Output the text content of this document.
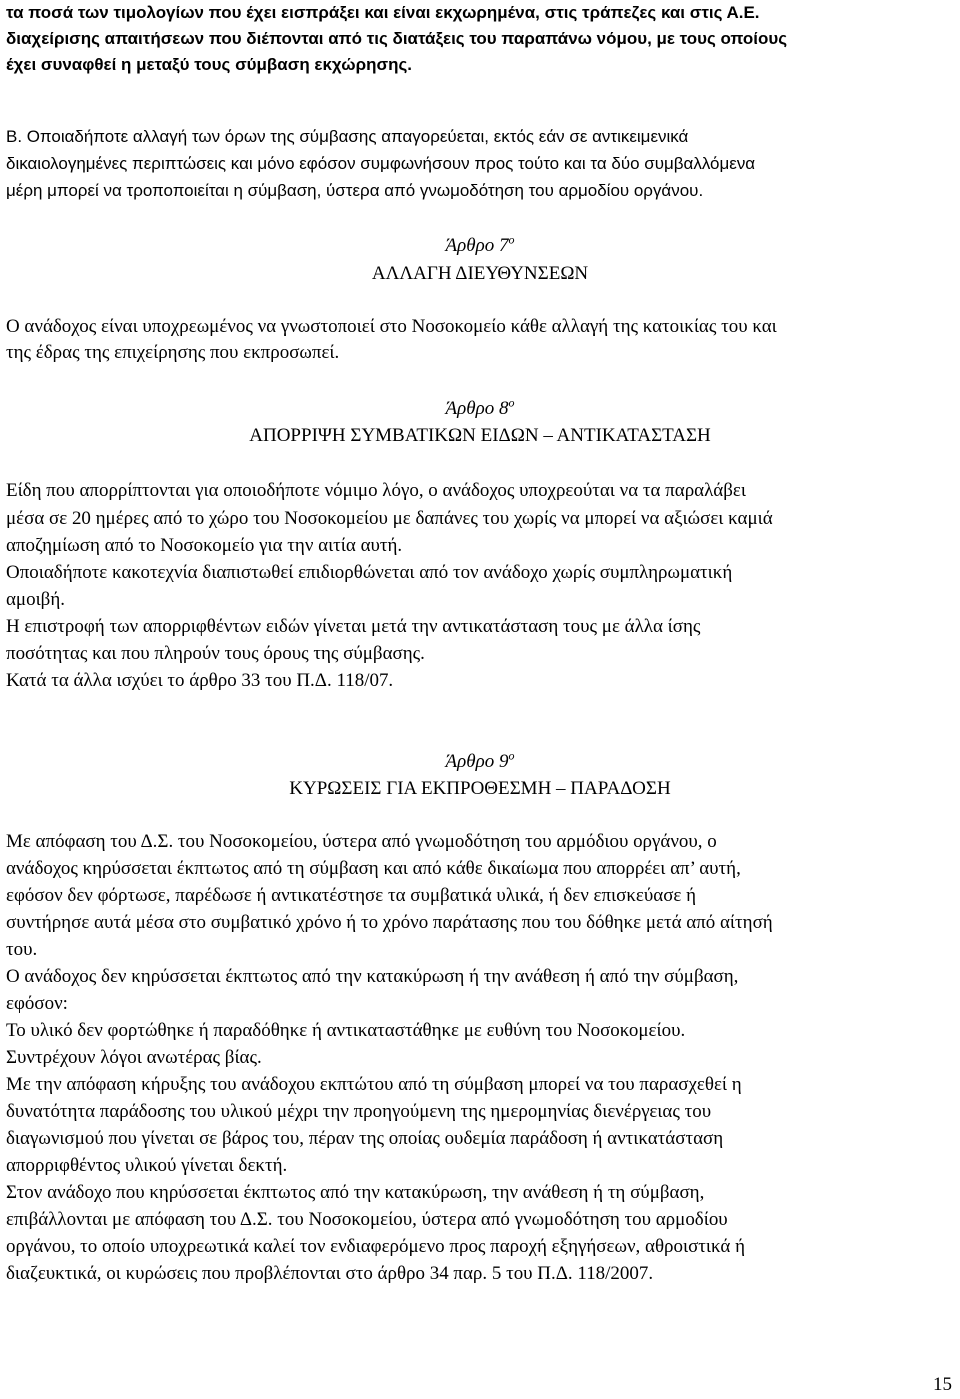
τα ποσά των τιμολογίων που έχει εισπράξει και είναι εκχωρημένα, στις τράπεζες και στις Α.Ε.
διαχείρισης απαιτήσεων που διέπονται από τις διατάξεις του παραπάνω νόμου, με τους οποίους
έχει συναφθεί η μεταξύ τους σύμβαση εκχώρησης.
Β. Οποιαδήποτε αλλαγή των όρων της σύμβασης απαγορεύεται, εκτός εάν σε αντικειμενικά
δικαιολογημένες περιπτώσεις και μόνο εφόσον συμφωνήσουν προς τούτο και τα δύο συμβαλλόμενα
μέρη μπορεί να τροποποιείται η σύμβαση, ύστερα από γνωμοδότηση του αρμοδίου οργάνου.
Άρθρο $7^o$
ΑΛΛΑΓΗ ΔΙΕΥΘΥΝΣΕΩΝ
Ο ανάδοχος είναι υποχρεωμένος να γνωστοποιεί στο Νοσοκομείο κάθε αλλαγή της κατοικίας του και
της έδρας της επιχείρησης που εκπροσωπεί.
Άρθρο $8^o$
ΑΠΟΡΡΙΨΗ ΣΥΜΒΑΤΙΚΩΝ ΕΙΔΩΝ – ΑΝΤΙΚΑΤΑΣΤΑΣΗ
Είδη που απορρίπτονται για οποιοδήποτε νόμιμο λόγο, ο ανάδοχος υποχρεούται να τα παραλάβει
μέσα σε 20 ημέρες από το χώρο του Νοσοκομείου με δαπάνες του χωρίς να μπορεί να αξιώσει καμιά
αποζημίωση από το Νοσοκομείο για την αιτία αυτή.
Οποιαδήποτε κακοτεχνία διαπιστωθεί επιδιορθώνεται από τον ανάδοχο χωρίς συμπληρωματική
αμοιβή.
Η επιστροφή των απορριφθέντων ειδών γίνεται μετά την αντικατάσταση τους με άλλα ίσης
ποσότητας και που πληρούν τους όρους της σύμβασης.
Κατά τα άλλα ισχύει το άρθρο 33 του Π.Δ. 118/07.
Άρθρο $9^o$
ΚΥΡΩΣΕΙΣ ΓΙΑ ΕΚΠΡΟΘΕΣΜΗ – ΠΑΡΑΔΟΣΗ
Με απόφαση του Δ.Σ. του Νοσοκομείου, ύστερα από γνωμοδότηση του αρμόδιου οργάνου, ο
ανάδοχος κηρύσσεται έκπτωτος από τη σύμβαση και από κάθε δικαίωμα που απορρέει απ’ αυτή,
εφόσον δεν φόρτωσε, παρέδωσε ή αντικατέστησε τα συμβατικά υλικά, ή δεν επισκεύασε ή
συντήρησε αυτά μέσα στο συμβατικό χρόνο ή το χρόνο παράτασης που του δόθηκε μετά από αίτησή
του.
Ο ανάδοχος δεν κηρύσσεται έκπτωτος από την κατακύρωση ή την ανάθεση ή από την σύμβαση,
εφόσον:
Το υλικό δεν φορτώθηκε ή παραδόθηκε ή αντικαταστάθηκε με ευθύνη του Νοσοκομείου.
Συντρέχουν λόγοι ανωτέρας βίας.
Με την απόφαση κήρυξης του ανάδοχου εκπτώτου από τη σύμβαση μπορεί να του παρασχεθεί η
δυνατότητα παράδοσης του υλικού μέχρι την προηγούμενη της ημερομηνίας διενέργειας του
διαγωνισμού που γίνεται σε βάρος του, πέραν της οποίας ουδεμία παράδοση ή αντικατάσταση
απορριφθέντος υλικού γίνεται δεκτή.
Στον ανάδοχο που κηρύσσεται έκπτωτος από την κατακύρωση, την ανάθεση ή τη σύμβαση,
επιβάλλονται με απόφαση του Δ.Σ. του Νοσοκομείου, ύστερα από γνωμοδότηση του αρμοδίου
οργάνου, το οποίο υποχρεωτικά καλεί τον ενδιαφερόμενο προς παροχή εξηγήσεων, αθροιστικά ή
διαζευκτικά, οι κυρώσεις που προβλέπονται στο άρθρο 34 παρ. 5 του Π.Δ. 118/2007.
15
